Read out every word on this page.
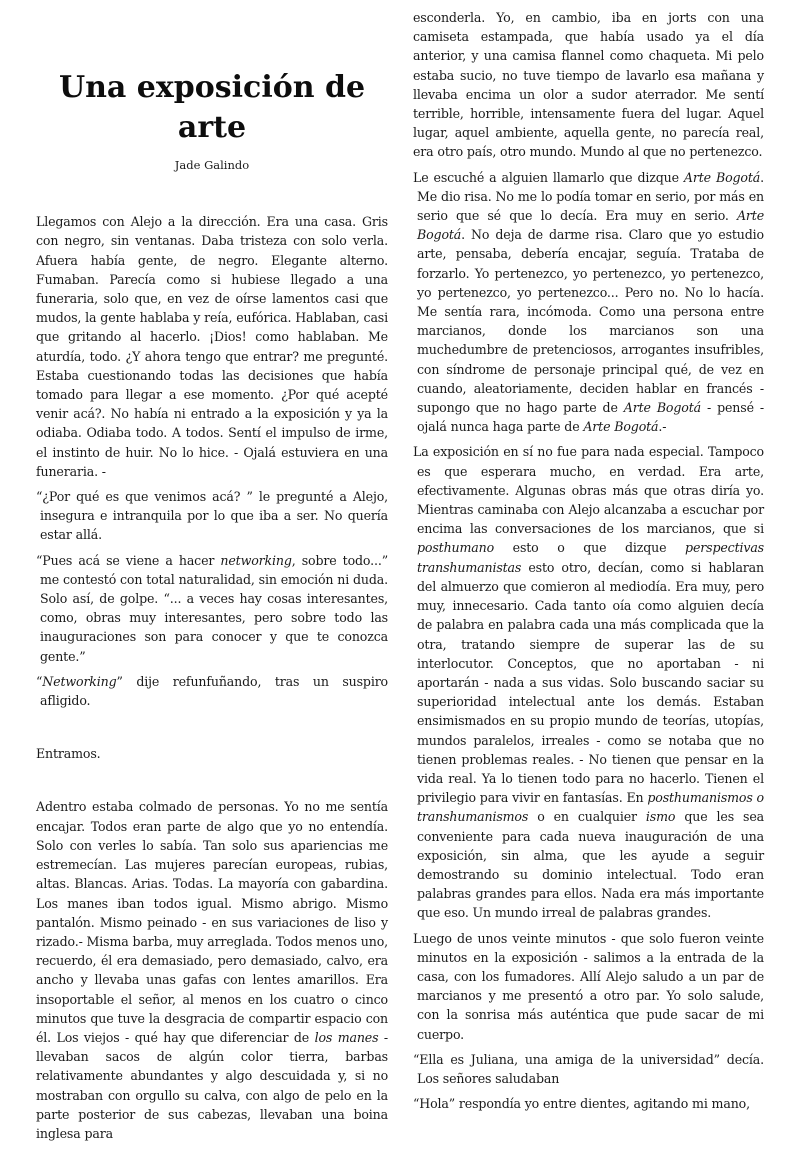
Una exposición de arte
Jade Galindo

Llegamos con Alejo a la dirección. Era una casa. Gris con negro, sin ventanas. Daba tristeza con solo verla. Afuera había gente, de negro. Elegante alterno. Fumaban. Parecía como si hubiese llegado a una funeraria, solo que, en vez de oírse lamentos casi que mudos, la gente hablaba y reía, eufórica. Hablaban, casi que gritando al hacerlo. ¡Dios! como hablaban. Me aturdía, todo. ¿Y ahora tengo que entrar? me pregunté. Estaba cuestionando todas las decisiones que había tomado para llegar a ese momento. ¿Por qué acepté venir acá?. No había ni entrado a la exposición y ya la odiaba. Odiaba todo. A todos. Sentí el impulso de irme, el instinto de huir. No lo hice. - Ojalá estuviera en una funeraria. -

“¿Por qué es que venimos acá? ” le pregunté a Alejo, insegura e intranquila por lo que iba a ser. No quería estar allá.

“Pues acá se viene a hacer networking, sobre todo...” me contestó con total naturalidad, sin emoción ni duda. Solo así, de golpe. “... a veces hay cosas interesantes, como, obras muy interesantes, pero sobre todo las inauguraciones son para conocer y que te conozca gente.”

“Networking” dije refunfuñando, tras un suspiro afligido.

Entramos.

Adentro estaba colmado de personas. Yo no me sentía encajar. Todos eran parte de algo que yo no entendía. Solo con verles lo sabía. Tan solo sus apariencias me estremecían. Las mujeres parecían europeas, rubias, altas. Blancas. Arias. Todas. La mayoría con gabardina. Los manes iban todos igual. Mismo abrigo. Mismo pantalón. Mismo peinado - en sus variaciones de liso y rizado.- Misma barba, muy arreglada. Todos menos uno, recuerdo, él era demasiado, pero demasiado, calvo, era ancho y llevaba unas gafas con lentes amarillos. Era insoportable el señor, al menos en los cuatro o cinco minutos que tuve la desgracia de compartir espacio con él. Los viejos - qué hay que diferenciar de los manes - llevaban sacos de algún color tierra, barbas relativamente abundantes y algo descuidada y, si no mostraban con orgullo su calva, con algo de pelo en la parte posterior de sus cabezas, llevaban una boina inglesa para

esconderla. Yo, en cambio, iba en jorts con una camiseta estampada, que había usado ya el día anterior, y una camisa flannel como chaqueta. Mi pelo estaba sucio, no tuve tiempo de lavarlo esa mañana y llevaba encima un olor a sudor aterrador. Me sentí terrible, horrible, intensamente fuera del lugar. Aquel lugar, aquel ambiente, aquella gente, no parecía real, era otro país, otro mundo. Mundo al que no pertenezco.

Le escuché a alguien llamarlo que dizque Arte Bogotá. Me dio risa. No me lo podía tomar en serio, por más en serio que sé que lo decía. Era muy en serio. Arte Bogotá. No deja de darme risa. Claro que yo estudio arte, pensaba, debería encajar, seguía. Trataba de forzarlo. Yo pertenezco, yo pertenezco, yo pertenezco, yo pertenezco, yo pertenezco... Pero no. No lo hacía. Me sentía rara, incómoda. Como una persona entre marcianos, donde los marcianos son una muchedumbre de pretenciosos, arrogantes insufribles, con síndrome de personaje principal qué, de vez en cuando, aleatoriamente, deciden hablar en francés - supongo que no hago parte de Arte Bogotá - pensé - ojalá nunca haga parte de Arte Bogotá.-

La exposición en sí no fue para nada especial. Tampoco es que esperara mucho, en verdad. Era arte, efectivamente. Algunas obras más que otras diría yo. Mientras caminaba con Alejo alcanzaba a escuchar por encima las conversaciones de los marcianos, que si posthumano esto o que dizque perspectivas transhumanistas esto otro, decían, como si hablaran del almuerzo que comieron al mediodía. Era muy, pero muy, innecesario. Cada tanto oía como alguien decía de palabra en palabra cada una más complicada que la otra, tratando siempre de superar las de su interlocutor. Conceptos, que no aportaban - ni aportarán - nada a sus vidas. Solo buscando saciar su superioridad intelectual ante los demás. Estaban ensimismados en su propio mundo de teorías, utopías, mundos paralelos, irreales - como se notaba que no tienen problemas reales. - No tienen que pensar en la vida real. Ya lo tienen todo para no hacerlo. Tienen el privilegio para vivir en fantasías. En posthumanismos o transhumanismos o en cualquier ismo que les sea conveniente para cada nueva inauguración de una exposición, sin alma, que les ayude a seguir demostrando su dominio intelectual. Todo eran palabras grandes para ellos. Nada era más importante que eso. Un mundo irreal de palabras grandes.

Luego de unos veinte minutos - que solo fueron veinte minutos en la exposición - salimos a la entrada de la casa, con los fumadores. Allí Alejo saludo a un par de marcianos y me presentó a otro par. Yo solo salude, con la sonrisa más auténtica que pude sacar de mi cuerpo.

“Ella es Juliana, una amiga de la universidad” decía. Los señores saludaban

“Hola” respondía yo entre dientes, agitando mi mano,
